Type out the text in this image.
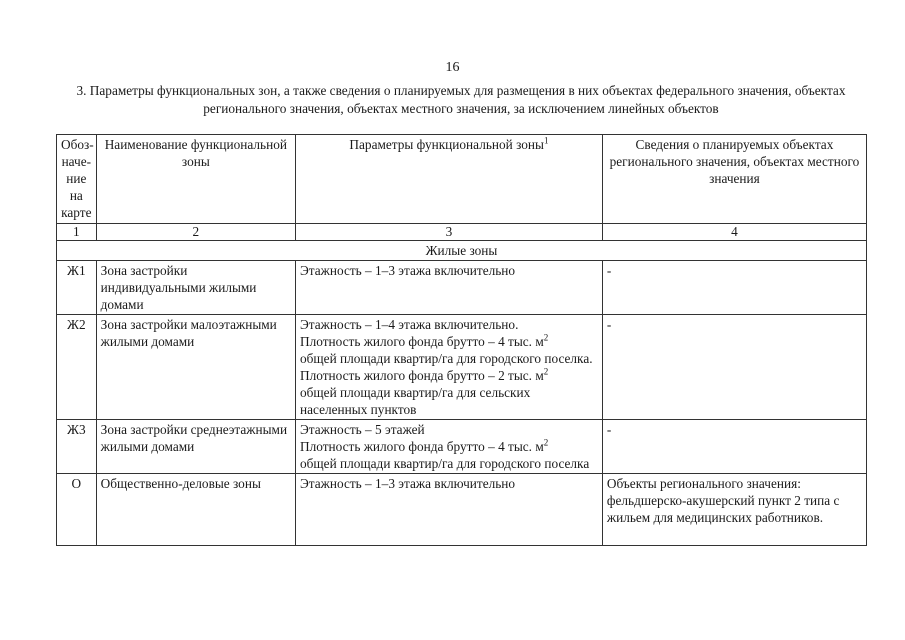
16
3. Параметры функциональных зон, а также сведения о планируемых для размещения в них объектах федерального значения, объектах регионального значения, объектах местного значения, за исключением линейных объектов
Обоз-
наче-
ние
на
карте	Наименование функциональной зоны	Параметры функциональной зоны$^1$	Сведения о планируемых объектах регионального значения, объектах местного значения
1	2	3	4
Жилые зоны			
Ж1	Зона застройки индивидуальными жилыми домами	Этажность – 1–3 этажа включительно	-
Ж2	Зона застройки малоэтажными жилыми домами	Этажность – 1–4 этажа включительно.
Плотность жилого фонда брутто – 4 тыс. $м^2$
общей площади квартир/га для городского поселка.
Плотность жилого фонда брутто – 2 тыс. $м^2$
общей площади квартир/га для сельских населенных пунктов	-
Ж3	Зона застройки среднеэтажными жилыми домами	Этажность – 5 этажей
Плотность жилого фонда брутто – 4 тыс. $м^2$
общей площади квартир/га для городского поселка	-
О	Общественно-деловые зоны	Этажность – 1–3 этажа включительно	Объекты регионального значения: фельдшерско-акушерский пункт 2 типа с жильем для медицинских работников.
